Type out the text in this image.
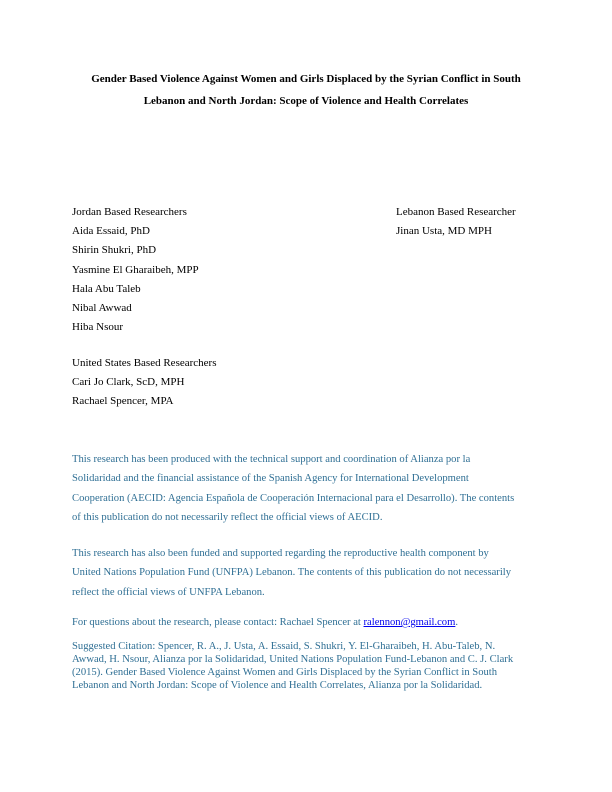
Gender Based Violence Against Women and Girls Displaced by the Syrian Conflict in South
Lebanon and North Jordan: Scope of Violence and Health Correlates
Jordan Based Researchers
Aida Essaid, PhD
Shirin Shukri, PhD
Yasmine El Gharaibeh, MPP
Hala Abu Taleb
Nibal Awwad
Hiba Nsour
Lebanon Based Researcher
Jinan Usta, MD MPH
United States Based Researchers
Cari Jo Clark, ScD, MPH
Rachael Spencer, MPA
This research has been produced with the technical support and coordination of Alianza por la
Solidaridad and the financial assistance of the Spanish Agency for International Development
Cooperation (AECID: Agencia Española de Cooperación Internacional para el Desarrollo). The contents
of this publication do not necessarily reflect the official views of AECID.
This research has also been funded and supported regarding the reproductive health component by
United Nations Population Fund (UNFPA) Lebanon. The contents of this publication do not necessarily
reflect the official views of UNFPA Lebanon.
For questions about the research, please contact: Rachael Spencer at ralennon@gmail.com.
Suggested Citation: Spencer, R. A., J. Usta, A. Essaid, S. Shukri, Y. El-Gharaibeh, H. Abu-Taleb, N.
Awwad, H. Nsour, Alianza por la Solidaridad, United Nations Population Fund-Lebanon and C. J. Clark
(2015). Gender Based Violence Against Women and Girls Displaced by the Syrian Conflict in South
Lebanon and North Jordan: Scope of Violence and Health Correlates, Alianza por la Solidaridad.
